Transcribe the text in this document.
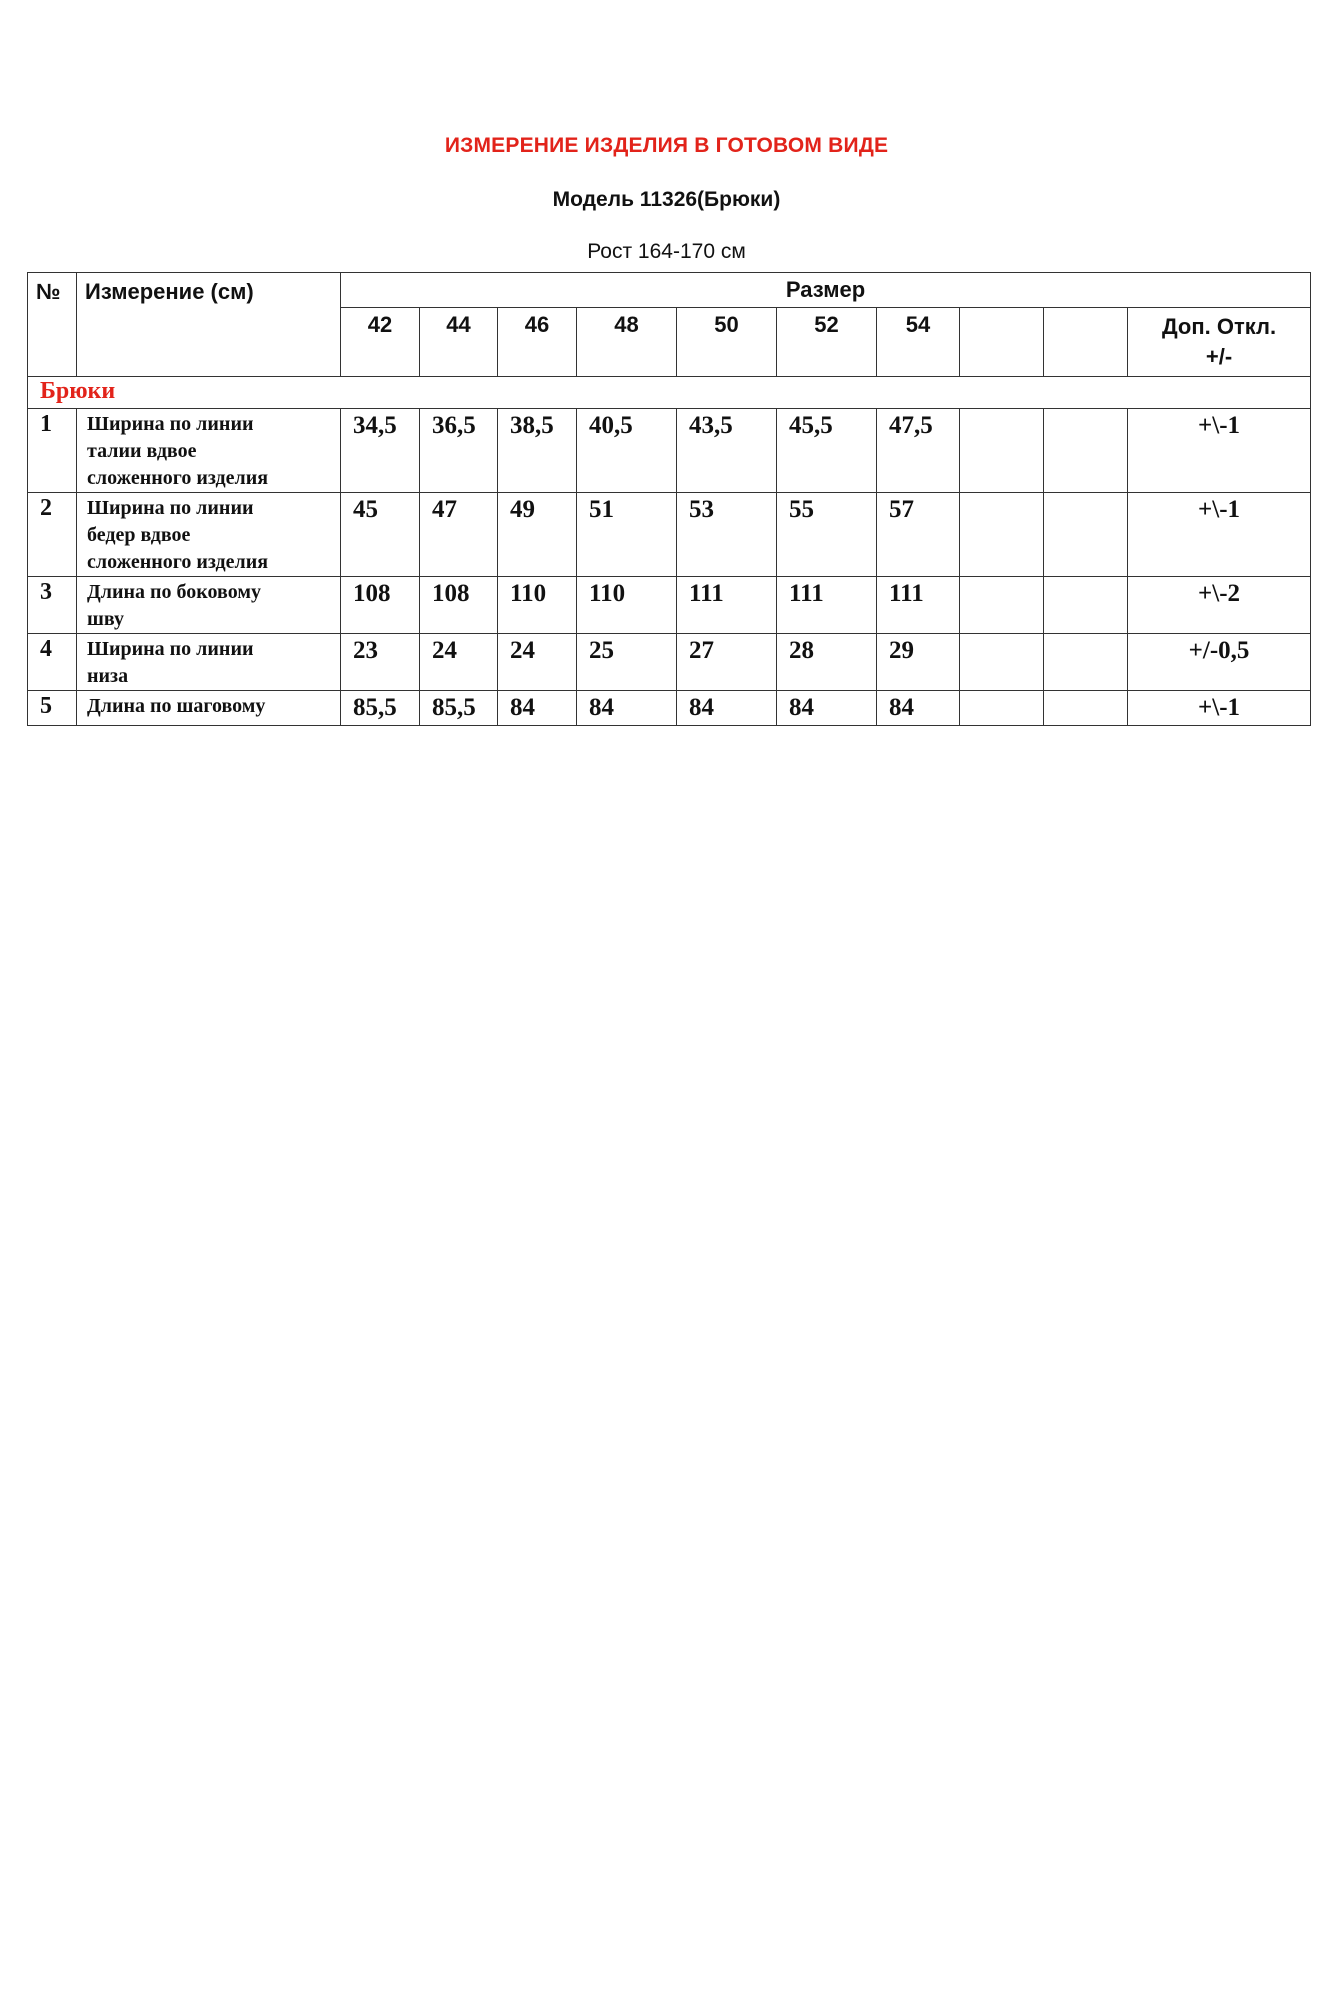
ИЗМЕРЕНИЕ ИЗДЕЛИЯ В ГОТОВОМ ВИДЕ
Модель 11326(Брюки)
Рост 164-170 см
№	Измерение (см)	Размер									
		42	44	46	48	50	52	54			Доп. Откл.
+/-

Брюки											
1	Ширина по линии
талии вдвое
сложенного изделия	34,5	36,5	38,5	40,5	43,5	45,5	47,5			+\-1
2	Ширина по линии
бедер вдвое
сложенного изделия	45	47	49	51	53	55	57			+\-1
3	Длина по боковому
шву	108	108	110	110	111	111	111			+\-2
4	Ширина по линии
низа	23	24	24	25	27	28	29			+/-0,5
5	Длина по шаговому	85,5	85,5	84	84	84	84	84			+\-1
